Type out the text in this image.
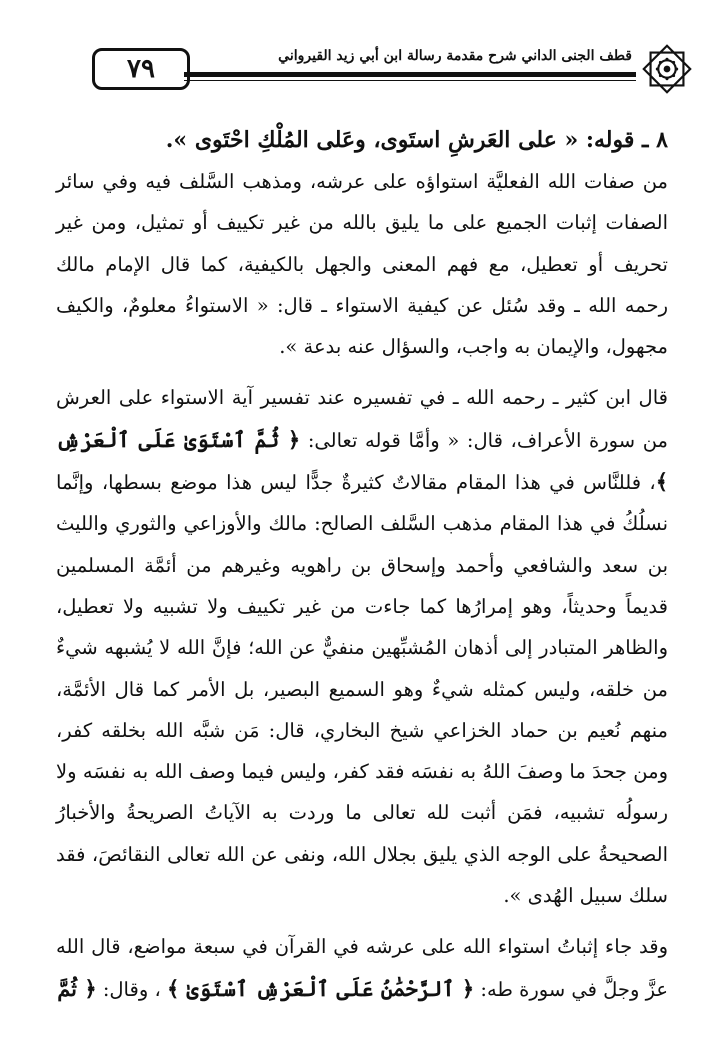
٧٩	قطف الجنى الداني شرح مقدمة رسالة ابن أبي زيد القيرواني

٨ ـ قوله: « على العَرشِ استَوى، وعَلى المُلْكِ احْتَوى ».

من صفات الله الفعليَّة استواؤه على عرشه، ومذهب السَّلف فيه وفي سائر الصفات إثبات الجميع على ما يليق بالله من غير تكييف أو تمثيل، ومن غير تحريف أو تعطيل، مع فهم المعنى والجهل بالكيفية، كما قال الإمام مالك رحمه الله ـ وقد سُئل عن كيفية الاستواء ـ قال: « الاستواءُ معلومٌ، والكيف مجهول، والإيمان به واجب، والسؤال عنه بدعة ».

قال ابن كثير ـ رحمه الله ـ في تفسيره عند تفسير آية الاستواء على العرش من سورة الأعراف، قال: « وأمَّا قوله تعالى: ﴿ ثُمَّ ٱسْتَوَىٰ عَلَى ٱلْعَرْشِ ﴾، فللنَّاس في هذا المقام مقالاتٌ كثيرةٌ جدًّا ليس هذا موضع بسطها، وإنَّما نسلُكُ في هذا المقام مذهب السَّلف الصالح: مالك والأوزاعي والثوري والليث بن سعد والشافعي وأحمد وإسحاق بن راهويه وغيرهم من أئمَّة المسلمين قديماً وحديثاً، وهو إمرارُها كما جاءت من غير تكييف ولا تشبيه ولا تعطيل، والظاهر المتبادر إلى أذهان المُشبِّهين منفيٌّ عن الله؛ فإنَّ الله لا يُشبهه شيءٌ من خلقه، وليس كمثله شيءٌ وهو السميع البصير، بل الأمر كما قال الأئمَّة، منهم نُعيم بن حماد الخزاعي شيخ البخاري، قال: مَن شبَّه الله بخلقه كفر، ومن جحدَ ما وصفَ اللهُ به نفسَه فقد كفر، وليس فيما وصف الله به نفسَه ولا رسولُه تشبيه، فمَن أثبت لله تعالى ما وردت به الآياتُ الصريحةُ والأخبارُ الصحيحةُ على الوجه الذي يليق بجلال الله، ونفى عن الله تعالى النقائصَ، فقد سلك سبيل الهُدى ».

وقد جاء إثباتُ استواء الله على عرشه في القرآن في سبعة مواضع، قال الله عزَّ وجلَّ في سورة طه: ﴿ ٱلرَّحْمَٰنُ عَلَى ٱلْعَرْشِ ٱسْتَوَىٰ ﴾ ، وقال: ﴿ ثُمَّ
